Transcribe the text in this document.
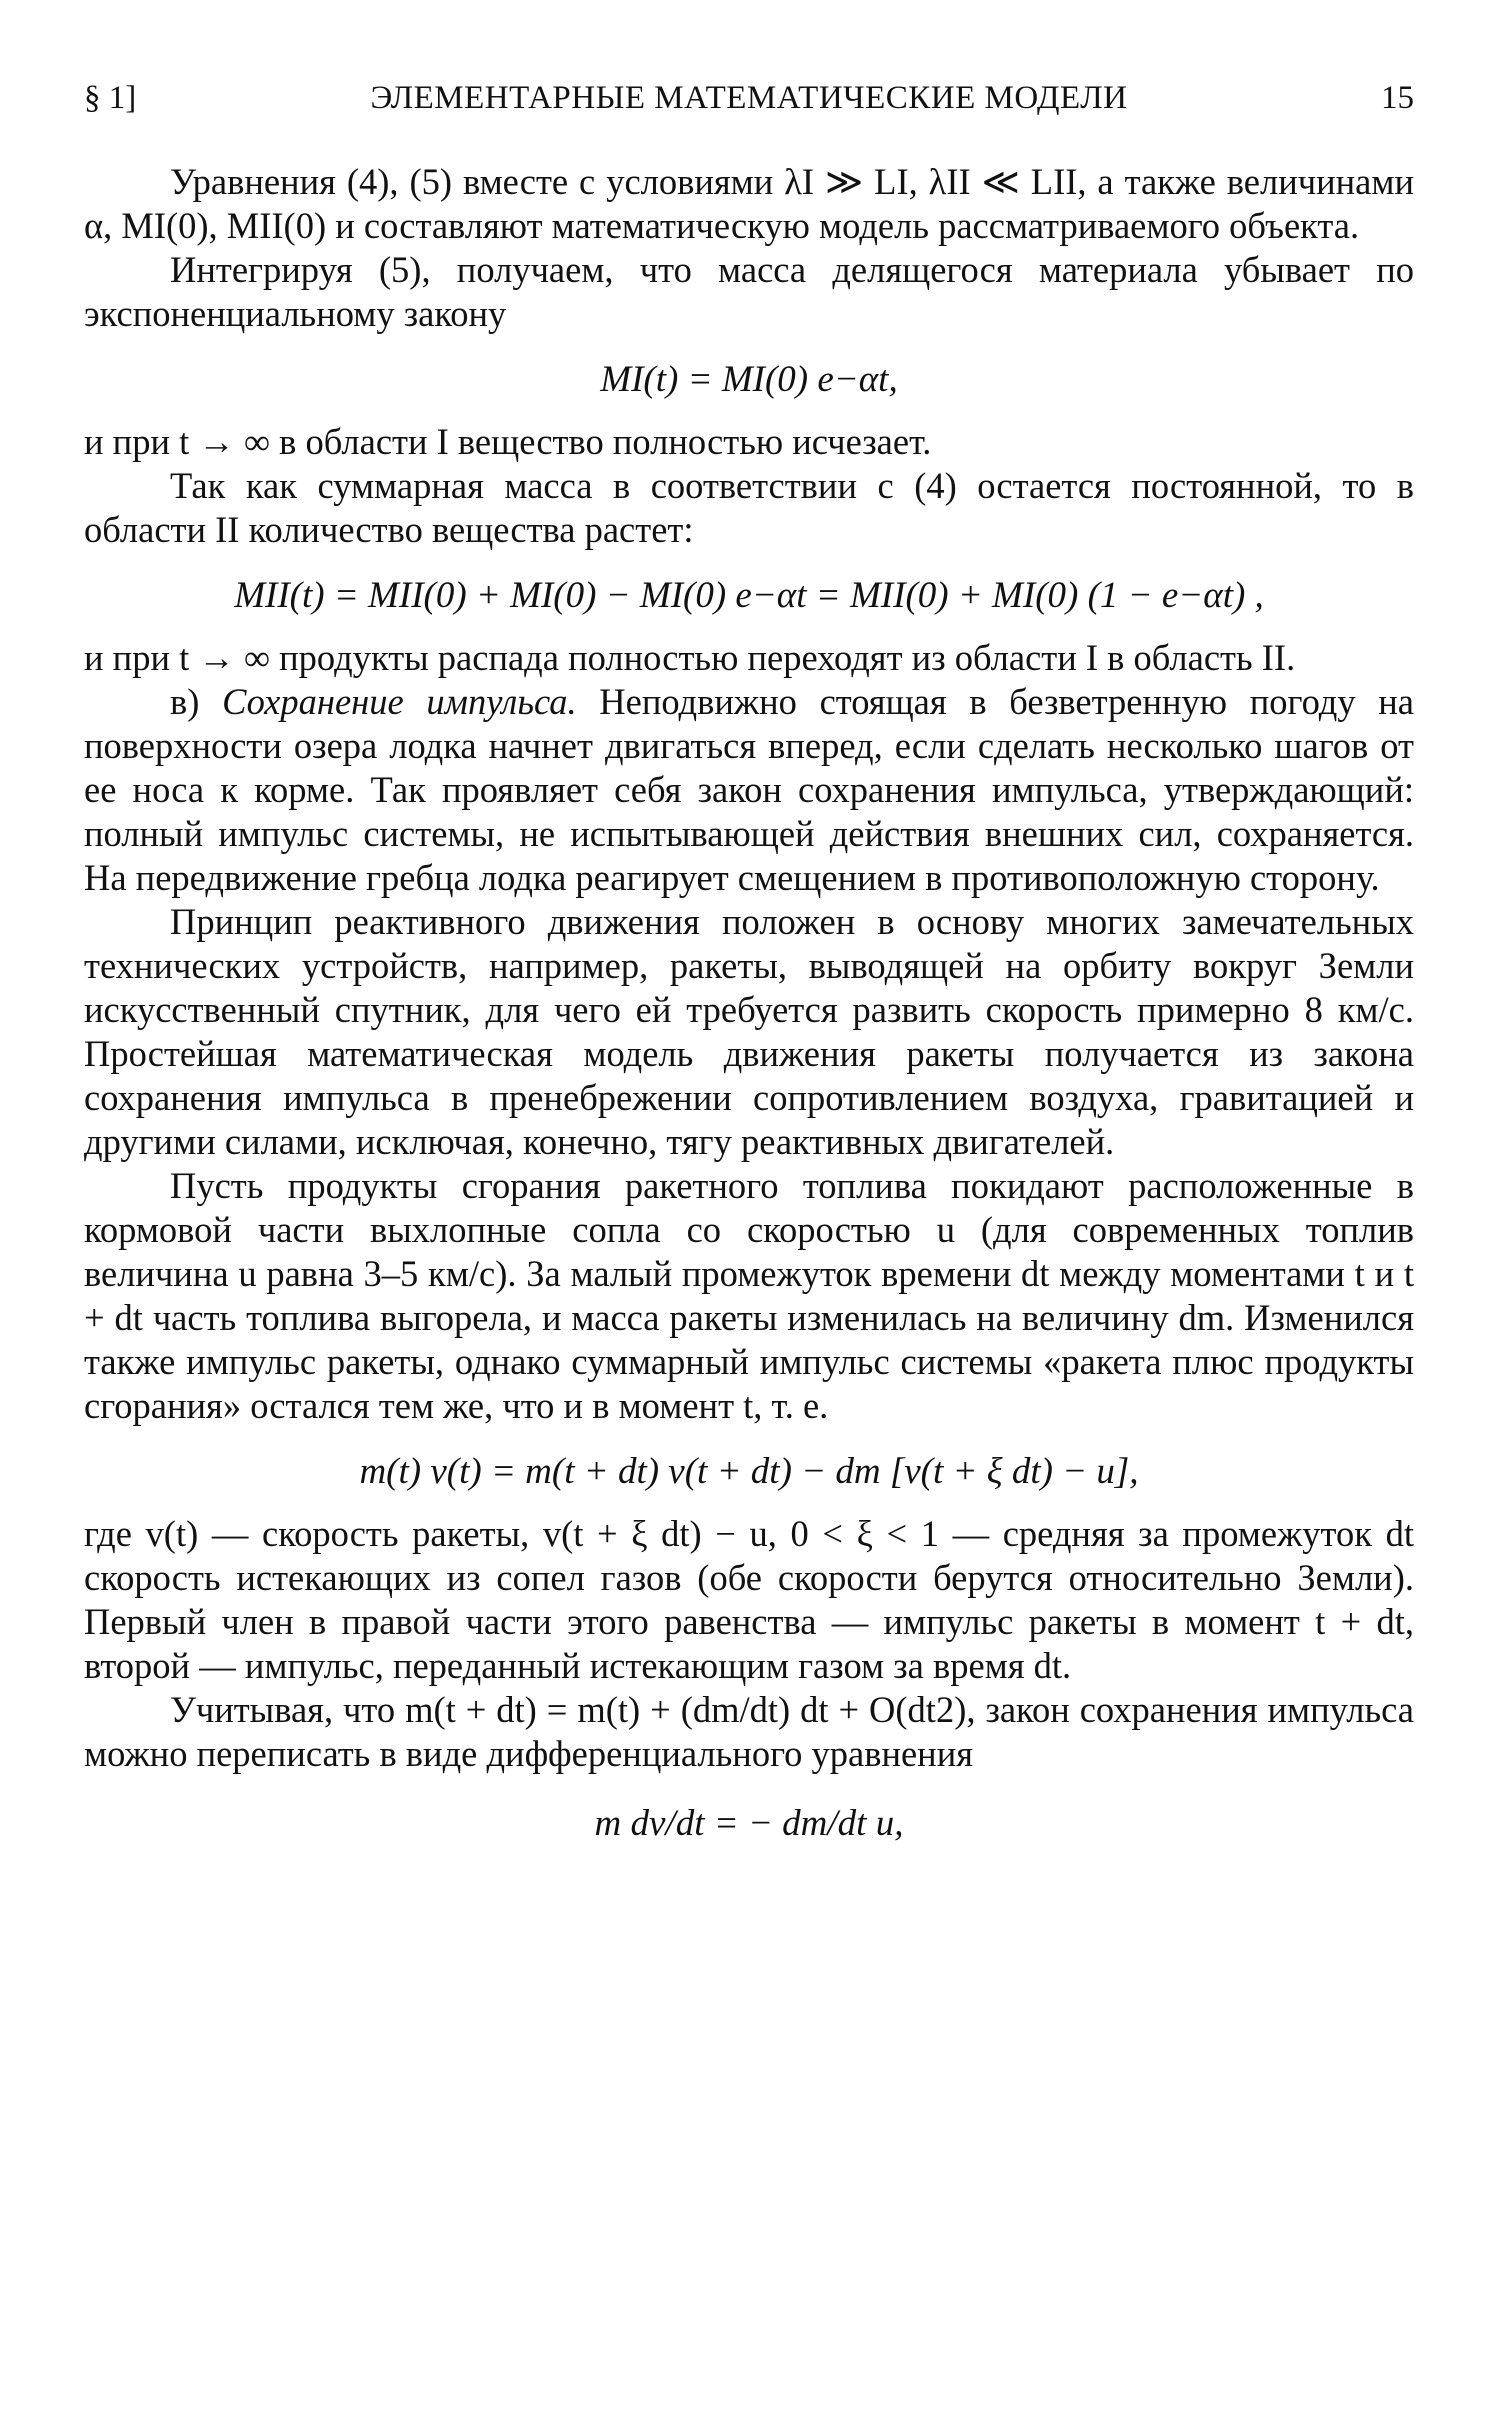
§ 1]	ЭЛЕМЕНТАРНЫЕ МАТЕМАТИЧЕСКИЕ МОДЕЛИ	15

Уравнения (4), (5) вместе с условиями λI ≫ LI, λII ≪ LII, а также величинами α, MI(0), MII(0) и составляют математическую модель рассматриваемого объекта.

Интегрируя (5), получаем, что масса делящегося материала убывает по экспоненциальному закону

MI(t) = MI(0) e−αt,

и при t → ∞ в области I вещество полностью исчезает.

Так как суммарная масса в соответствии с (4) остается постоянной, то в области II количество вещества растет:

MII(t) = MII(0) + MI(0) − MI(0) e−αt = MII(0) + MI(0) (1 − e−αt) ,

и при t → ∞ продукты распада полностью переходят из области I в область II.

в) Сохранение импульса. Неподвижно стоящая в безветренную погоду на поверхности озера лодка начнет двигаться вперед, если сделать несколько шагов от ее носа к корме. Так проявляет себя закон сохранения импульса, утверждающий: полный импульс системы, не испытывающей действия внешних сил, сохраняется. На передвижение гребца лодка реагирует смещением в противоположную сторону.

Принцип реактивного движения положен в основу многих замечательных технических устройств, например, ракеты, выводящей на орбиту вокруг Земли искусственный спутник, для чего ей требуется развить скорость примерно 8 км/с. Простейшая математическая модель движения ракеты получается из закона сохранения импульса в пренебрежении сопротивлением воздуха, гравитацией и другими силами, исключая, конечно, тягу реактивных двигателей.

Пусть продукты сгорания ракетного топлива покидают расположенные в кормовой части выхлопные сопла со скоростью u (для современных топлив величина u равна 3–5 км/с). За малый промежуток времени dt между моментами t и t + dt часть топлива выгорела, и масса ракеты изменилась на величину dm. Изменился также импульс ракеты, однако суммарный импульс системы «ракета плюс продукты сгорания» остался тем же, что и в момент t, т. е.

m(t) v(t) = m(t + dt) v(t + dt) − dm [v(t + ξ dt) − u],

где v(t) — скорость ракеты, v(t + ξ dt) − u, 0 < ξ < 1 — средняя за промежуток dt скорость истекающих из сопел газов (обе скорости берутся относительно Земли). Первый член в правой части этого равенства — импульс ракеты в момент t + dt, второй — импульс, переданный истекающим газом за время dt.

Учитывая, что m(t + dt) = m(t) + (dm/dt) dt + O(dt2), закон сохранения импульса можно переписать в виде дифференциального уравнения

m dv/dt = − dm/dt u,
